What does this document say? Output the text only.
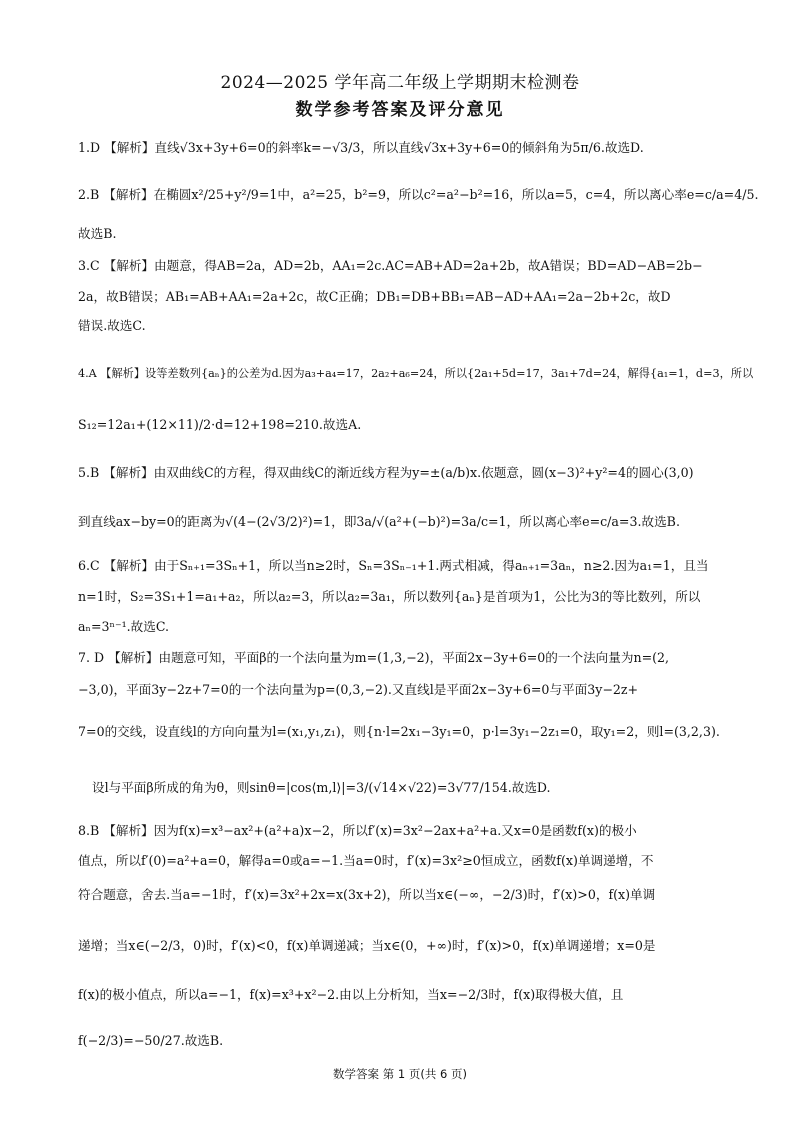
2024—2025 学年高二年级上学期期末检测卷
数学参考答案及评分意见
1.D 【解析】直线√3x+3y+6=0的斜率k=−√3/3，所以直线√3x+3y+6=0的倾斜角为5π/6.故选D.
2.B 【解析】在椭圆x²/25+y²/9=1中，a²=25，b²=9，所以c²=a²−b²=16，所以a=5，c=4，所以离心率e=c/a=4/5.
故选B.
3.C 【解析】由题意，得AB=2a，AD=2b，AA₁=2c.AC=AB+AD=2a+2b，故A错误；BD=AD−AB=2b−
2a，故B错误；AB₁=AB+AA₁=2a+2c，故C正确；DB₁=DB+BB₁=AB−AD+AA₁=2a−2b+2c，故D
错误.故选C.
4.A 【解析】设等差数列{aₙ}的公差为d.因为a₃+a₄=17，2a₂+a₆=24，所以{2a₁+5d=17，3a₁+7d=24，解得{a₁=1，d=3，所以
S₁₂=12a₁+(12×11)/2·d=12+198=210.故选A.
5.B 【解析】由双曲线C的方程，得双曲线C的渐近线方程为y=±(a/b)x.依题意，圆(x−3)²+y²=4的圆心(3,0)
到直线ax−by=0的距离为√(4−(2√3/2)²)=1，即3a/√(a²+(−b)²)=3a/c=1，所以离心率e=c/a=3.故选B.
6.C 【解析】由于Sₙ₊₁=3Sₙ+1，所以当n≥2时，Sₙ=3Sₙ₋₁+1.两式相减，得aₙ₊₁=3aₙ，n≥2.因为a₁=1，且当
n=1时，S₂=3S₁+1=a₁+a₂，所以a₂=3，所以a₂=3a₁，所以数列{aₙ}是首项为1，公比为3的等比数列，所以
aₙ=3ⁿ⁻¹.故选C.
7. D 【解析】由题意可知，平面β的一个法向量为m=(1,3,−2)，平面2x−3y+6=0的一个法向量为n=(2,
−3,0)，平面3y−2z+7=0的一个法向量为p=(0,3,−2).又直线l是平面2x−3y+6=0与平面3y−2z+
7=0的交线，设直线l的方向向量为l=(x₁,y₁,z₁)，则{n·l=2x₁−3y₁=0，p·l=3y₁−2z₁=0，取y₁=2，则l=(3,2,3).
设l与平面β所成的角为θ，则sinθ=|cos⟨m,l⟩|=3/(√14×√22)=3√77/154.故选D.
8.B 【解析】因为f(x)=x³−ax²+(a²+a)x−2，所以f′(x)=3x²−2ax+a²+a.又x=0是函数f(x)的极小
值点，所以f′(0)=a²+a=0，解得a=0或a=−1.当a=0时，f′(x)=3x²≥0恒成立，函数f(x)单调递增，不
符合题意，舍去.当a=−1时，f′(x)=3x²+2x=x(3x+2)，所以当x∈(−∞，−2/3)时，f′(x)>0，f(x)单调
递增；当x∈(−2/3，0)时，f′(x)<0，f(x)单调递减；当x∈(0，+∞)时，f′(x)>0，f(x)单调递增；x=0是
f(x)的极小值点，所以a=−1，f(x)=x³+x²−2.由以上分析知，当x=−2/3时，f(x)取得极大值，且
f(−2/3)=−50/27.故选B.
数学答案 第 1 页(共 6 页)
